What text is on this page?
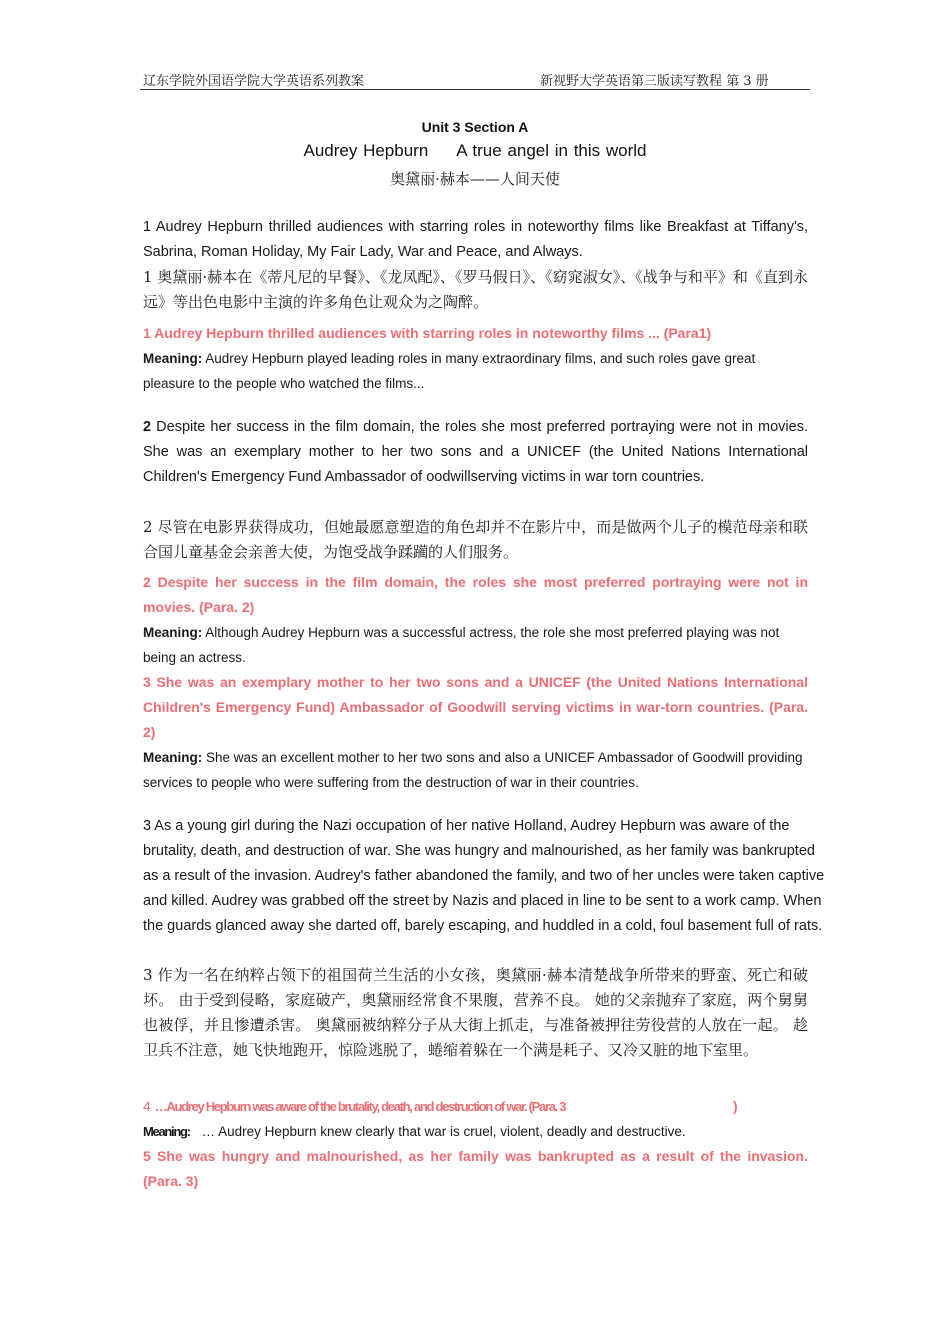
辽东学院外国语学院大学英语系列教案	新视野大学英语第三版读写教程 第 3 册
Unit 3 Section A
Audrey Hepburn A true angel in this world
奥黛丽·赫本——人间天使
1 Audrey Hepburn thrilled audiences with starring roles in noteworthy films like Breakfast at Tiffany's, Sabrina, Roman Holiday, My Fair Lady, War and Peace, and Always.
1 奥黛丽·赫本在《蒂凡尼的早餐》、《龙凤配》、《罗马假日》、《窈窕淑女》、《战争与和平》和《直到永远》等出色电影中主演的许多角色让观众为之陶醉。
1 Audrey Hepburn thrilled audiences with starring roles in noteworthy films ... (Para1)
Meaning: Audrey Hepburn played leading roles in many extraordinary films, and such roles gave great pleasure to the people who watched the films...
2 Despite her success in the film domain, the roles she most preferred portraying were not in movies. She was an exemplary mother to her two sons and a UNICEF (the United Nations International Children's Emergency Fund Ambassador of oodwillserving victims in war torn countries.
2 尽管在电影界获得成功，但她最愿意塑造的角色却并不在影片中，而是做两个儿子的模范母亲和联合国儿童基金会亲善大使，为饱受战争蹂躏的人们服务。
2 Despite her success in the film domain, the roles she most preferred portraying were not in movies. (Para. 2)
Meaning: Although Audrey Hepburn was a successful actress, the role she most preferred playing was not being an actress.
3 She was an exemplary mother to her two sons and a UNICEF (the United Nations International Children's Emergency Fund) Ambassador of Goodwill serving victims in war-torn countries. (Para. 2)
Meaning: She was an excellent mother to her two sons and also a UNICEF Ambassador of Goodwill providing services to people who were suffering from the destruction of war in their countries.
3 As a young girl during the Nazi occupation of her native Holland, Audrey Hepburn was aware of the brutality, death, and destruction of war. She was hungry and malnourished, as her family was bankrupted as a result of the invasion. Audrey's father abandoned the family, and two of her uncles were taken captive and killed. Audrey was grabbed off the street by Nazis and placed in line to be sent to a work camp. When the guards glanced away she darted off, barely escaping, and huddled in a cold, foul basement full of rats.
3 作为一名在纳粹占领下的祖国荷兰生活的小女孩，奥黛丽·赫本清楚战争所带来的野蛮、死亡和破坏。 由于受到侵略，家庭破产，奥黛丽经常食不果腹，营养不良。 她的父亲抛弃了家庭，两个舅舅也被俘，并且惨遭杀害。 奥黛丽被纳粹分子从大街上抓走，与准备被押往劳役营的人放在一起。 趁卫兵不注意，她飞快地跑开，惊险逃脱了，蜷缩着躲在一个满是耗子、又冷又脏的地下室里。
4 …Audrey Hepburn was aware of the brutality, death, and destruction of war. (Para. 3	)
Meaning: … Audrey Hepburn knew clearly that war is cruel, violent, deadly and destructive.
5 She was hungry and malnourished, as her family was bankrupted as a result of the invasion. (Para. 3)
